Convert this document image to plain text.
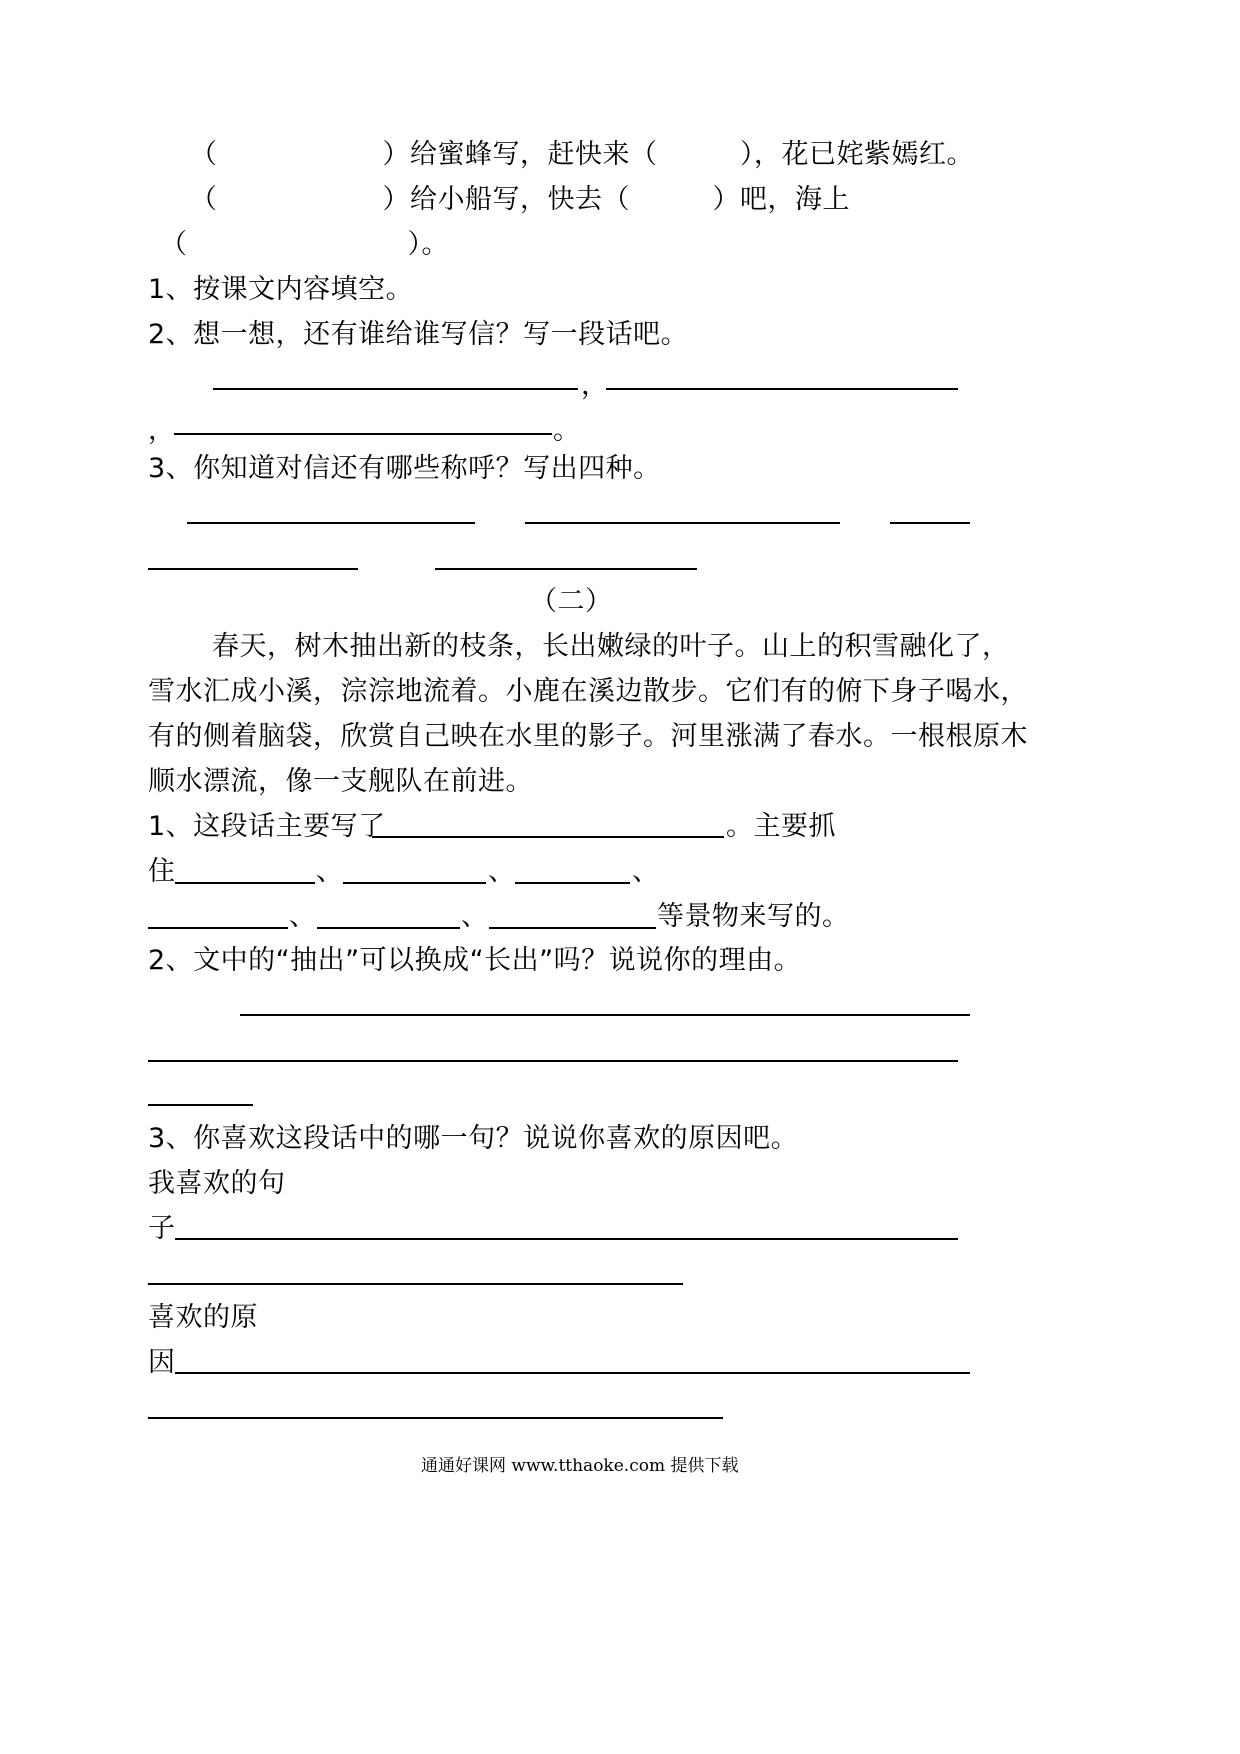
（　　　　　　）给蜜蜂写，赶快来（　　　），花已姹紫嫣红。
（　　　　　　）给小船写，快去（　　　）吧，海上
（　　　　　　　　）。
1、按课文内容填空。
2、想一想，还有谁给谁写信？写一段话吧。
，
，	。
3、你知道对信还有哪些称呼？写出四种。
（二）
春天，树木抽出新的枝条，长出嫩绿的叶子。山上的积雪融化了，
雪水汇成小溪，淙淙地流着。小鹿在溪边散步。它们有的俯下身子喝水，
有的侧着脑袋，欣赏自己映在水里的影子。河里涨满了春水。一根根原木
顺水漂流，像一支舰队在前进。
1、这段话主要写了	。主要抓
住	、	、	、
、	、	等景物来写的。
2、文中的“抽出”可以换成“长出”吗？说说你的理由。
3、你喜欢这段话中的哪一句？说说你喜欢的原因吧。
我喜欢的句
子
喜欢的原
因
通通好课网 www.tthaoke.com 提供下载
